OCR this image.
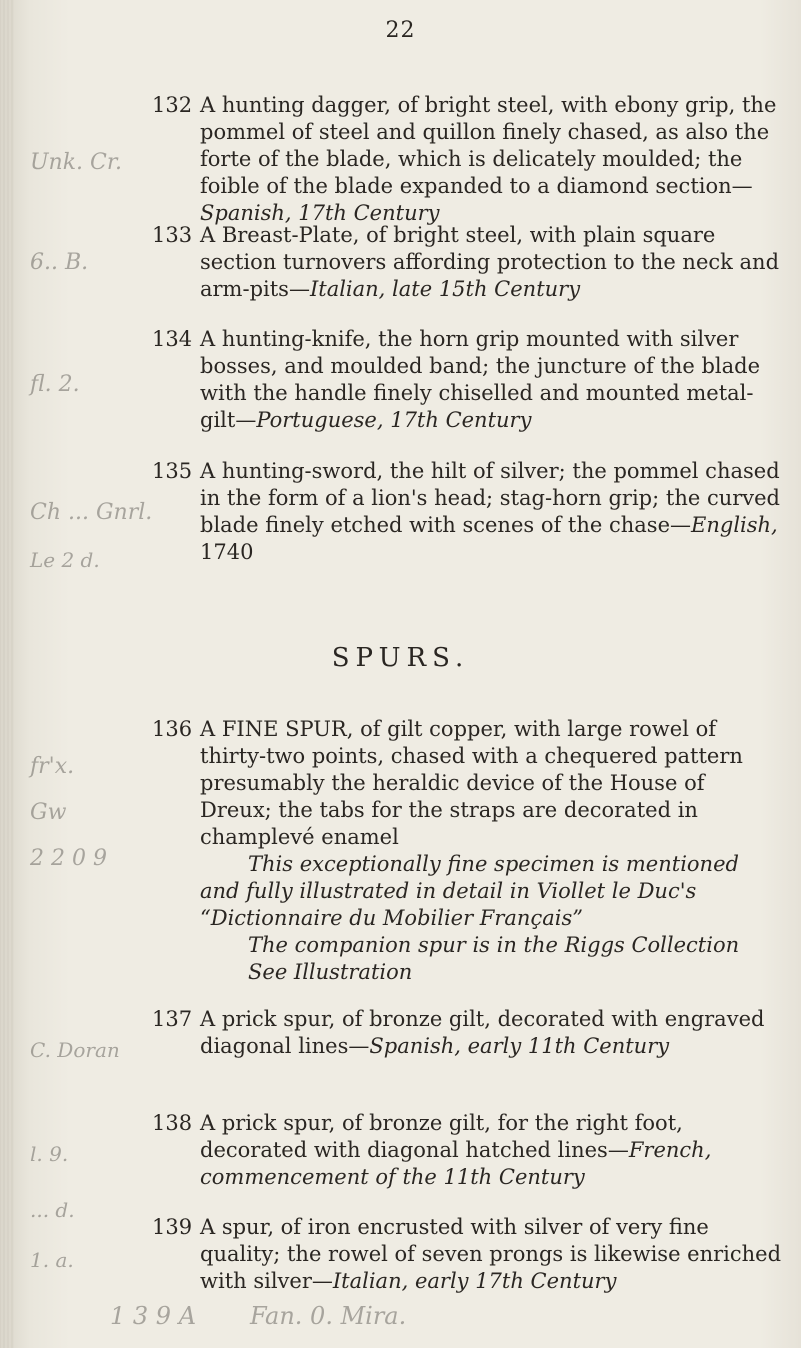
22
132 A hunting dagger, of bright steel, with ebony grip, the pommel of steel and quillon finely chased, as also the forte of the blade, which is delicately moulded; the foible of the blade expanded to a diamond section—Spanish, 17th Century
133 A Breast-Plate, of bright steel, with plain square section turnovers affording protection to the neck and arm-pits—Italian, late 15th Century
134 A hunting-knife, the horn grip mounted with silver bosses, and moulded band; the juncture of the blade with the handle finely chiselled and mounted metal-gilt—Portuguese, 17th Century
135 A hunting-sword, the hilt of silver; the pommel chased in the form of a lion's head; stag-horn grip; the curved blade finely etched with scenes of the chase—English,
1740
SPURS.
136 A FINE SPUR, of gilt copper, with large rowel of thirty-two points, chased with a chequered pattern presumably the heraldic device of the House of Dreux; the tabs for the straps are decorated in champlevé enamel
This exceptionally fine specimen is mentioned and fully illustrated in detail in Viollet le Duc's “Dictionnaire du Mobilier Français”
The companion spur is in the Riggs Collection
See Illustration
137 A prick spur, of bronze gilt, decorated with engraved diagonal lines—Spanish, early 11th Century
138 A prick spur, of bronze gilt, for the right foot, decorated with diagonal hatched lines—French, commencement of the 11th Century
139 A spur, of iron encrusted with silver of very fine quality; the rowel of seven prongs is likewise enriched with silver—Italian, early 17th Century
Unk. Cr.
6.. B.
fl. 2.
Ch ... Gnrl.
Le 2 d.
fr'x.
Gw
2 2 0 9
C. Doran
l. 9.
... d.
1. a.
Fan. 0. Mira.
1 3 9 A
